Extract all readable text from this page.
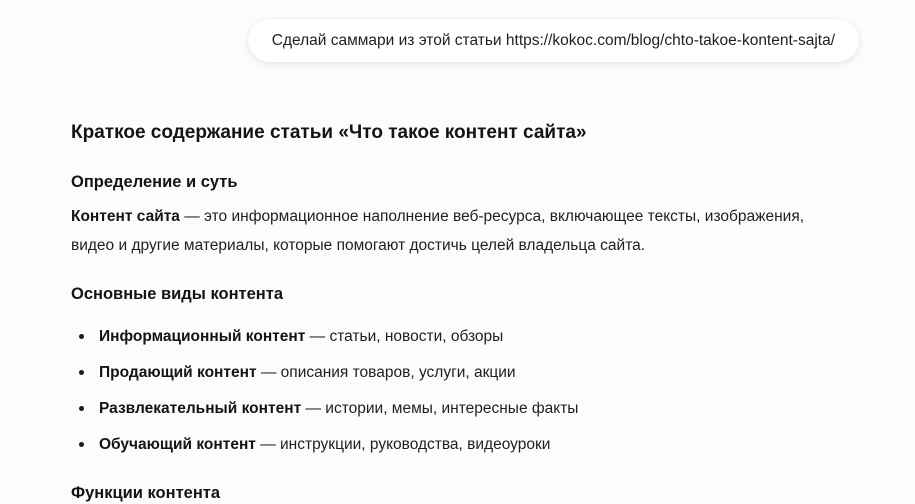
Сделай саммари из этой статьи https://kokoc.com/blog/chto-takoe-kontent-sajta/
Краткое содержание статьи «Что такое контент сайта»
Определение и суть

Контент сайта — это информационное наполнение веб-ресурса, включающее тексты, изображения, видео и другие материалы, которые помогают достичь целей владельца сайта.

Основные виды контента
Информационный контент — статьи, новости, обзоры
Продающий контент — описания товаров, услуги, акции
Развлекательный контент — истории, мемы, интересные факты
Обучающий контент — инструкции, руководства, видеоуроки
Функции контента
